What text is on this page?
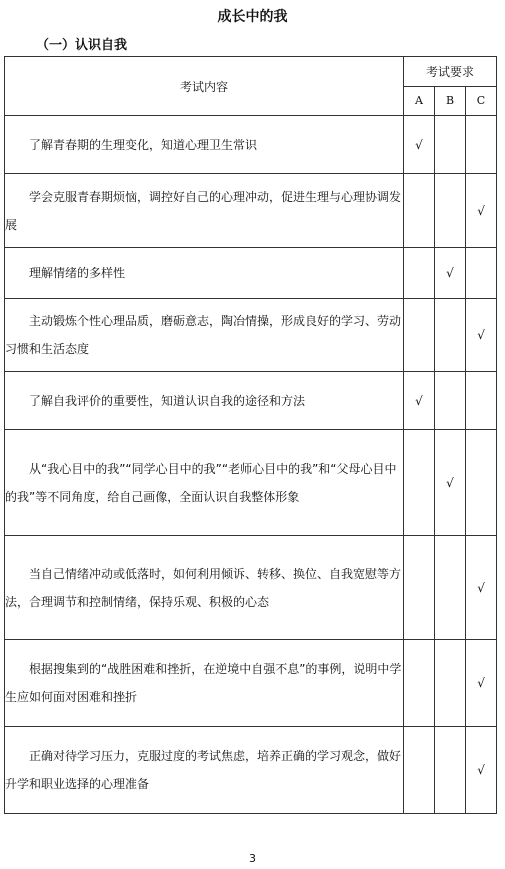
成长中的我
（一）认识自我
考试内容	考试要求		
	A	B	C
了解青春期的生理变化，知道心理卫生常识	√		
学会克服青春期烦恼，调控好自己的心理冲动，促进生理与心理协调发展			√
理解情绪的多样性		√	
主动锻炼个性心理品质，磨砺意志，陶冶情操，形成良好的学习、劳动习惯和生活态度			√
了解自我评价的重要性，知道认识自我的途径和方法	√		
从“我心目中的我”“同学心目中的我”“老师心目中的我”和“父母心目中的我”等不同角度，给自己画像，全面认识自我整体形象		√	
当自己情绪冲动或低落时，如何利用倾诉、转移、换位、自我宽慰等方法，合理调节和控制情绪，保持乐观、积极的心态			√
根据搜集到的“战胜困难和挫折，在逆境中自强不息”的事例，说明中学生应如何面对困难和挫折			√
正确对待学习压力，克服过度的考试焦虑，培养正确的学习观念，做好升学和职业选择的心理准备			√
3
